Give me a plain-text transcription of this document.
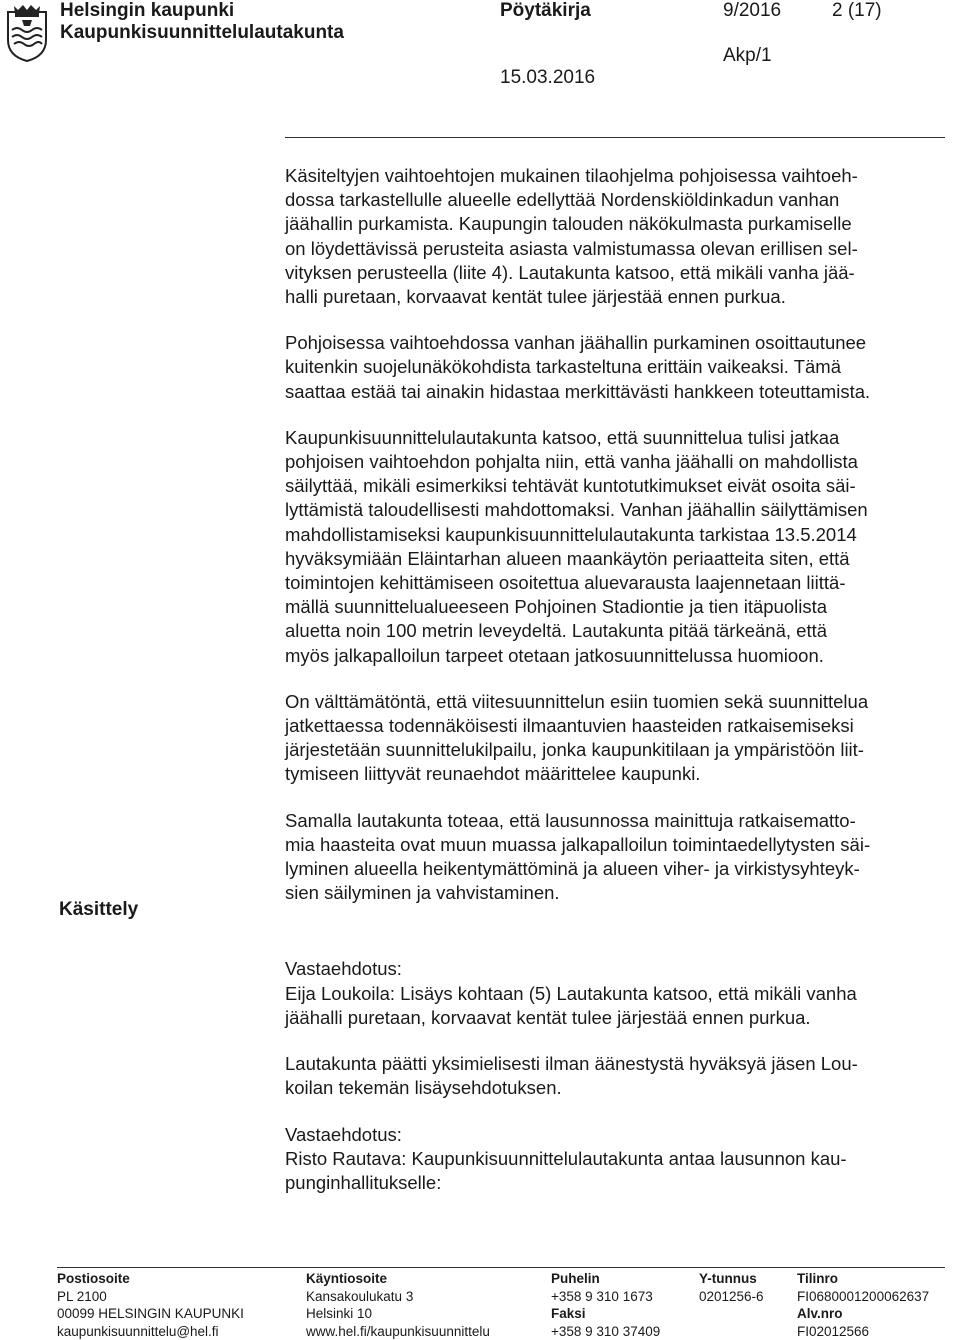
Helsingin kaupunki
Kaupunkisuunnittelulautakunta
Pöytäkirja	9/2016	2 (17)
Akp/1
15.03.2016

Käsiteltyjen vaihtoehtojen mukainen tilaohjelma pohjoisessa vaihtoeh-
dossa tarkastellulle alueelle edellyttää Nordenskiöldinkadun vanhan
jäähallin purkamista. Kaupungin talouden näkökulmasta purkamiselle
on löydettävissä perusteita asiasta valmistumassa olevan erillisen sel-
vityksen perusteella (liite 4). Lautakunta katsoo, että mikäli vanha jää-
halli puretaan, korvaavat kentät tulee järjestää ennen purkua.

Pohjoisessa vaihtoehdossa vanhan jäähallin purkaminen osoittautunee
kuitenkin suojelunäkökohdista tarkasteltuna erittäin vaikeaksi. Tämä
saattaa estää tai ainakin hidastaa merkittävästi hankkeen toteuttamista.

Kaupunkisuunnittelulautakunta katsoo, että suunnittelua tulisi jatkaa
pohjoisen vaihtoehdon pohjalta niin, että vanha jäähalli on mahdollista
säilyttää, mikäli esimerkiksi tehtävät kuntotutkimukset eivät osoita säi-
lyttämistä taloudellisesti mahdottomaksi. Vanhan jäähallin säilyttämisen
mahdollistamiseksi kaupunkisuunnittelulautakunta tarkistaa 13.5.2014
hyväksymiään Eläintarhan alueen maankäytön periaatteita siten, että
toimintojen kehittämiseen osoitettua aluevarausta laajennetaan liittä-
mällä suunnittelualueeseen Pohjoinen Stadiontie ja tien itäpuolista
aluetta noin 100 metrin leveydeltä. Lautakunta pitää tärkeänä, että
myös jalkapalloilun tarpeet otetaan jatkosuunnittelussa huomioon.

On välttämätöntä, että viitesuunnittelun esiin tuomien sekä suunnittelua
jatkettaessa todennäköisesti ilmaantuvien haasteiden ratkaisemiseksi
järjestetään suunnittelukilpailu, jonka kaupunkitilaan ja ympäristöön liit-
tymiseen liittyvät reunaehdot määrittelee kaupunki.

Samalla lautakunta toteaa, että lausunnossa mainittuja ratkaisematto-
mia haasteita ovat muun muassa jalkapalloilun toimintaedellytysten säi-
lyminen alueella heikentymättöminä ja alueen viher- ja virkistysyhteyk-
sien säilyminen ja vahvistaminen.

Vastaehdotus:
Eija Loukoila: Lisäys kohtaan (5) Lautakunta katsoo, että mikäli vanha
jäähalli puretaan, korvaavat kentät tulee järjestää ennen purkua.

Lautakunta päätti yksimielisesti ilman äänestystä hyväksyä jäsen Lou-
koilan tekemän lisäysehdotuksen.

Vastaehdotus:
Risto Rautava: Kaupunkisuunnittelulautakunta antaa lausunnon kau-
punginhallitukselle:

Käsittely
Postiosoite
PL 2100
00099 HELSINGIN KAUPUNKI
kaupunkisuunnittelu@hel.fi
Käyntiosoite
Kansakoulukatu 3
Helsinki 10
www.hel.fi/kaupunkisuunnittelu
Puhelin
+358 9 310 1673
Faksi
+358 9 310 37409
Y-tunnus
0201256-6
Tilinro
FI0680001200062637
Alv.nro
FI02012566
